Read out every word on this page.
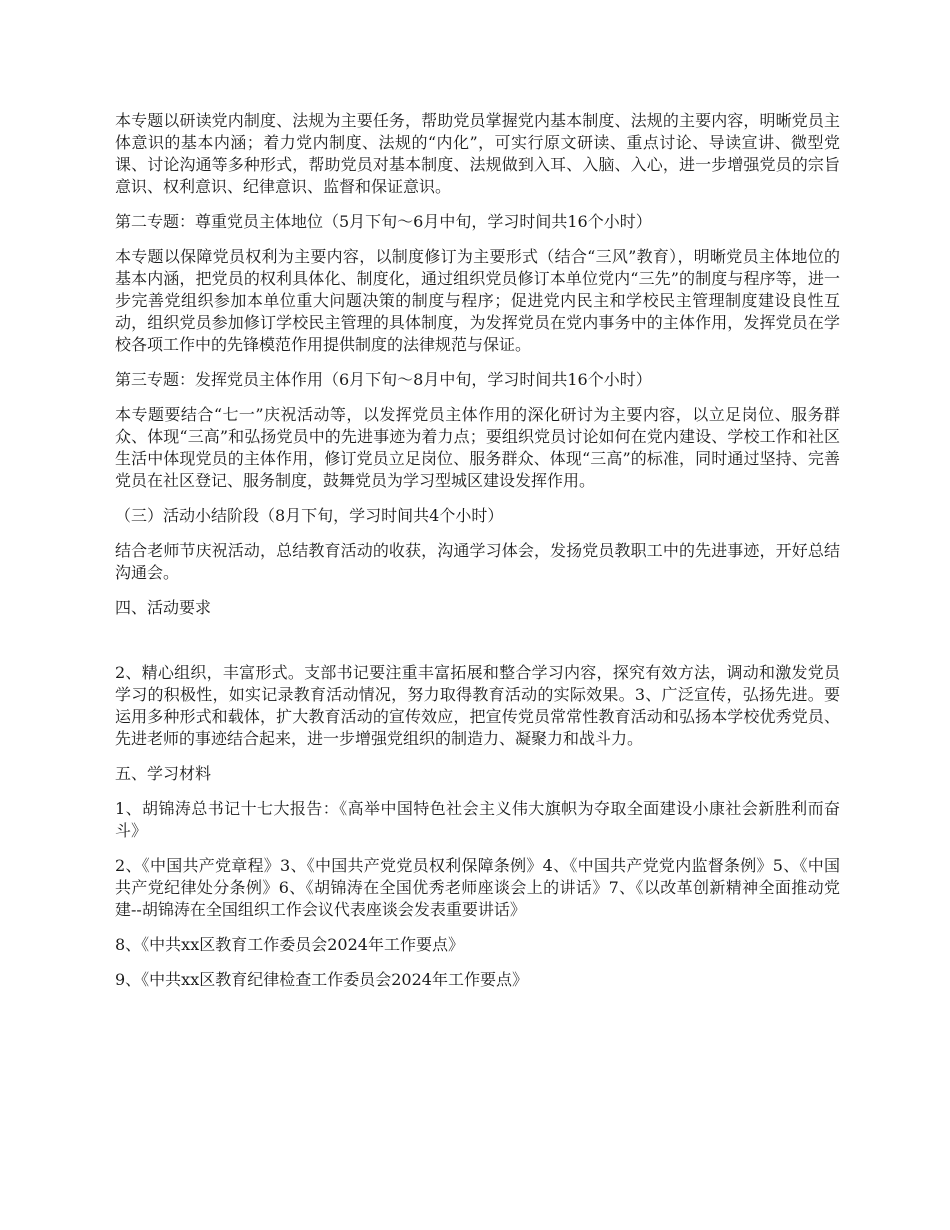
本专题以研读党内制度、法规为主要任务，帮助党员掌握党内基本制度、法规的主要内容，明晰党员主体意识的基本内涵；着力党内制度、法规的“内化”，可实行原文研读、重点讨论、导读宣讲、微型党课、讨论沟通等多种形式，帮助党员对基本制度、法规做到入耳、入脑、入心，进一步增强党员的宗旨意识、权利意识、纪律意识、监督和保证意识。

第二专题：尊重党员主体地位（5月下旬～6月中旬，学习时间共16个小时）

本专题以保障党员权利为主要内容，以制度修订为主要形式（结合“三风”教育），明晰党员主体地位的基本内涵，把党员的权利具体化、制度化，通过组织党员修订本单位党内“三先”的制度与程序等，进一步完善党组织参加本单位重大问题决策的制度与程序；促进党内民主和学校民主管理制度建设良性互动，组织党员参加修订学校民主管理的具体制度，为发挥党员在党内事务中的主体作用，发挥党员在学校各项工作中的先锋模范作用提供制度的法律规范与保证。

第三专题：发挥党员主体作用（6月下旬～8月中旬，学习时间共16个小时）

本专题要结合“七一”庆祝活动等，以发挥党员主体作用的深化研讨为主要内容，以立足岗位、服务群众、体现“三高”和弘扬党员中的先进事迹为着力点；要组织党员讨论如何在党内建设、学校工作和社区生活中体现党员的主体作用，修订党员立足岗位、服务群众、体现“三高”的标准，同时通过坚持、完善党员在社区登记、服务制度，鼓舞党员为学习型城区建设发挥作用。

（三）活动小结阶段（8月下旬，学习时间共4个小时）

结合老师节庆祝活动，总结教育活动的收获，沟通学习体会，发扬党员教职工中的先进事迹，开好总结沟通会。

四、活动要求

2、精心组织，丰富形式。支部书记要注重丰富拓展和整合学习内容，探究有效方法，调动和激发党员学习的积极性，如实记录教育活动情况，努力取得教育活动的实际效果。3、广泛宣传，弘扬先进。要运用多种形式和载体，扩大教育活动的宣传效应，把宣传党员常常性教育活动和弘扬本学校优秀党员、先进老师的事迹结合起来，进一步增强党组织的制造力、凝聚力和战斗力。

五、学习材料

1、胡锦涛总书记十七大报告：《高举中国特色社会主义伟大旗帜为夺取全面建设小康社会新胜利而奋斗》

2、《中国共产党章程》3、《中国共产党党员权利保障条例》4、《中国共产党党内监督条例》5、《中国共产党纪律处分条例》6、《胡锦涛在全国优秀老师座谈会上的讲话》7、《以改革创新精神全面推动党建--胡锦涛在全国组织工作会议代表座谈会发表重要讲话》

8、《中共xx区教育工作委员会2024年工作要点》

9、《中共xx区教育纪律检查工作委员会2024年工作要点》
